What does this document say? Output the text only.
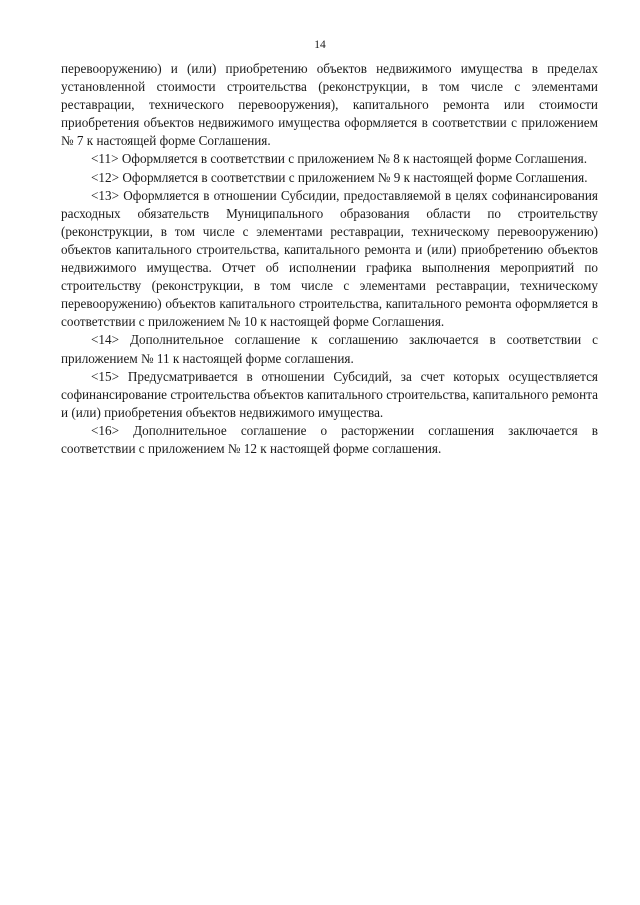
14

перевооружению) и (или) приобретению объектов недвижимого имущества в пределах установленной стоимости строительства (реконструкции, в том числе с элементами реставрации, технического перевооружения), капитального ремонта или стоимости приобретения объектов недвижимого имущества оформляется в соответствии с приложением № 7 к настоящей форме Соглашения.

<11> Оформляется в соответствии с приложением № 8 к настоящей форме Соглашения.

<12> Оформляется в соответствии с приложением № 9 к настоящей форме Соглашения.

<13> Оформляется в отношении Субсидии, предоставляемой в целях софинансирования расходных обязательств Муниципального образования области по строительству (реконструкции, в том числе с элементами реставрации, техническому перевооружению) объектов капитального строительства, капитального ремонта и (или) приобретению объектов недвижимого имущества. Отчет об исполнении графика выполнения мероприятий по строительству (реконструкции, в том числе с элементами реставрации, техническому перевооружению) объектов капитального строительства, капитального ремонта оформляется в соответствии с приложением № 10 к настоящей форме Соглашения.

<14> Дополнительное соглашение к соглашению заключается в соответствии с приложением № 11 к настоящей форме соглашения.

<15> Предусматривается в отношении Субсидий, за счет которых осуществляется софинансирование строительства объектов капитального строительства, капитального ремонта и (или) приобретения объектов недвижимого имущества.

<16> Дополнительное соглашение о расторжении соглашения заключается в соответствии с приложением № 12 к настоящей форме соглашения.
